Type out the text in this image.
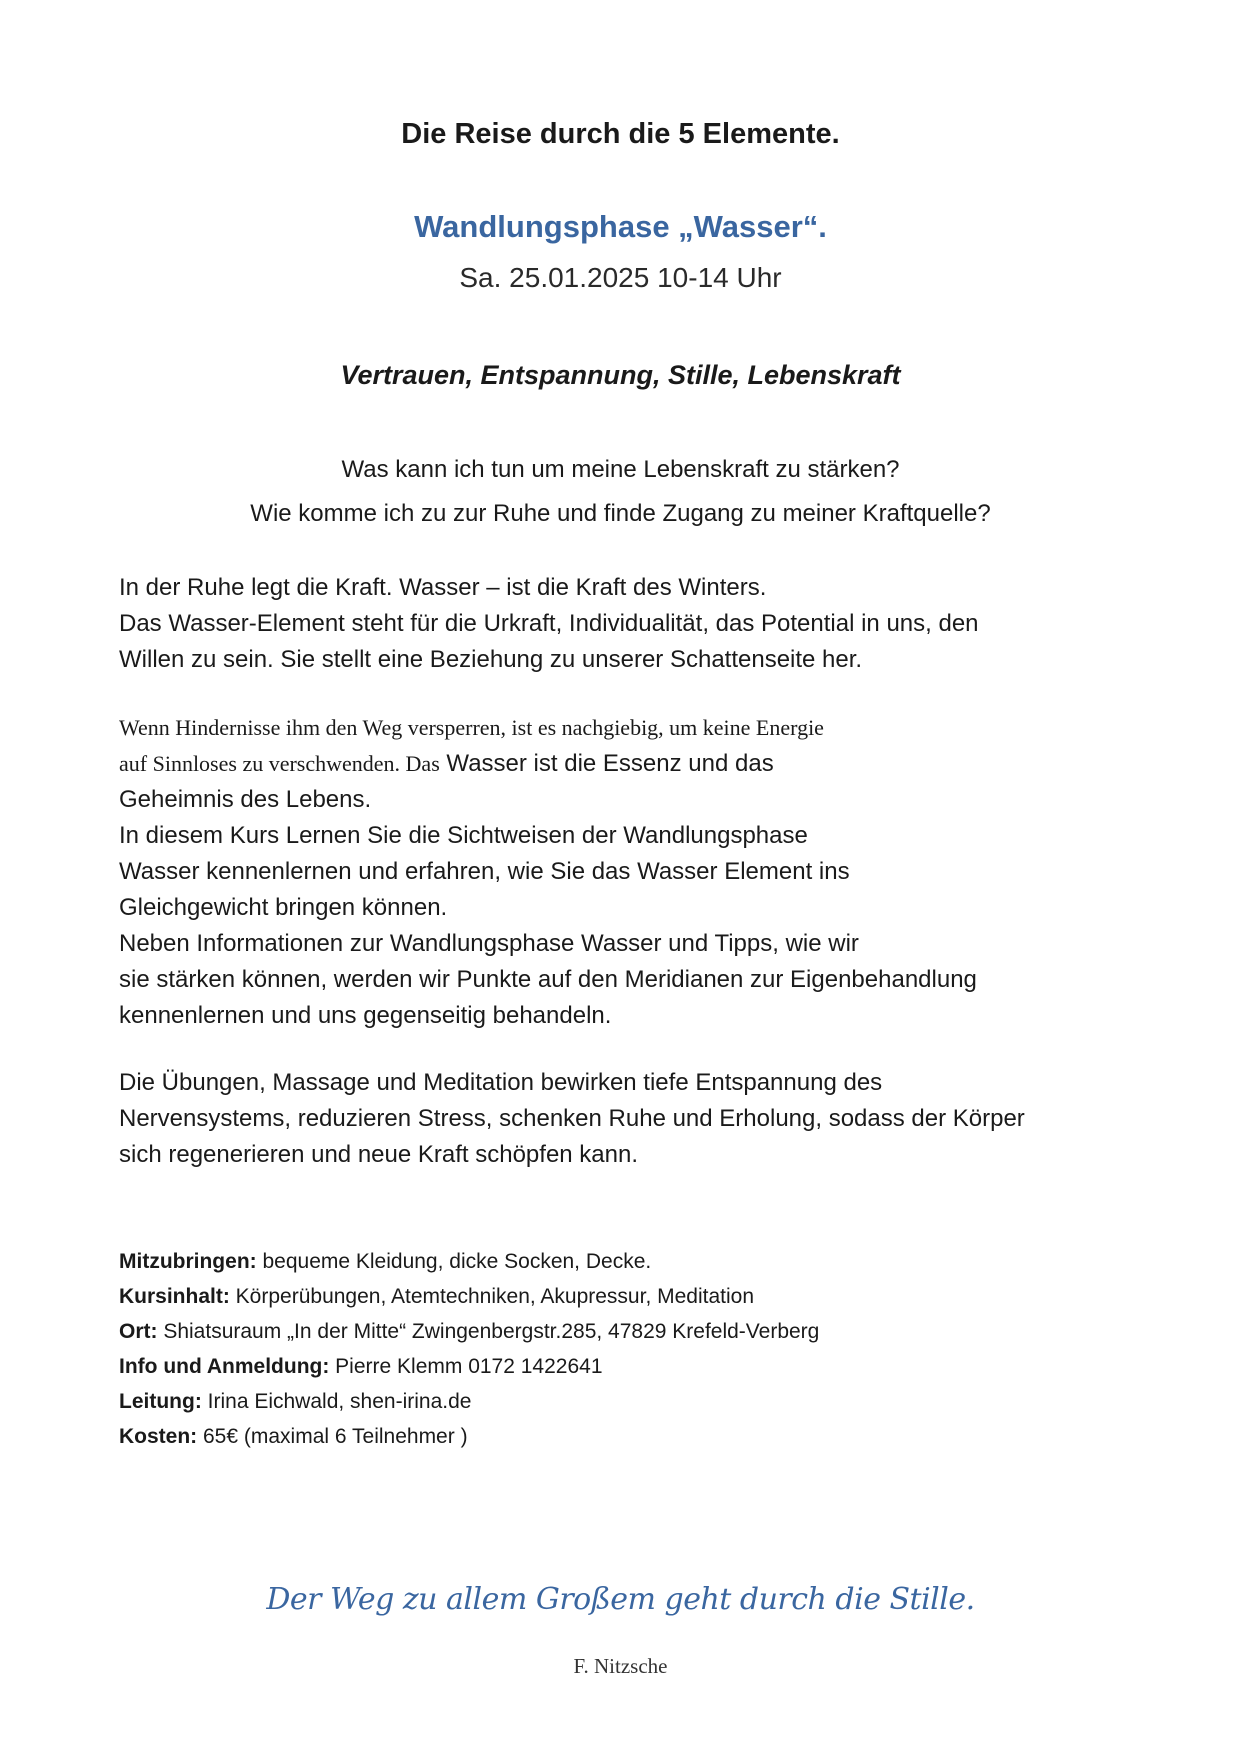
Die Reise durch die 5 Elemente.
Wandlungsphase „Wasser“.
Sa. 25.01.2025 10-14 Uhr
Vertrauen, Entspannung, Stille, Lebenskraft
Was kann ich tun um meine Lebenskraft zu stärken?
Wie komme ich zu zur Ruhe und finde Zugang zu meiner Kraftquelle?
In der Ruhe legt die Kraft. Wasser – ist die Kraft des Winters.
Das Wasser-Element steht für die Urkraft, Individualität, das Potential in uns, den
Willen zu sein. Sie stellt eine Beziehung zu unserer Schattenseite her.
Wenn Hindernisse ihm den Weg versperren, ist es nachgiebig, um keine Energie
auf Sinnloses zu verschwenden. Das Wasser ist die Essenz und das
Geheimnis des Lebens.
In diesem Kurs Lernen Sie die Sichtweisen der Wandlungsphase
Wasser kennenlernen und erfahren, wie Sie das Wasser Element ins
Gleichgewicht bringen können.
Neben Informationen zur Wandlungsphase Wasser und Tipps, wie wir
sie stärken können, werden wir Punkte auf den Meridianen zur Eigenbehandlung
kennenlernen und uns gegenseitig behandeln.
Die Übungen, Massage und Meditation bewirken tiefe Entspannung des
Nervensystems, reduzieren Stress, schenken Ruhe und Erholung, sodass der Körper
sich regenerieren und neue Kraft schöpfen kann.
Mitzubringen: bequeme Kleidung, dicke Socken, Decke.
Kursinhalt: Körperübungen, Atemtechniken, Akupressur, Meditation
Ort: Shiatsuraum „In der Mitte“ Zwingenbergstr.285, 47829 Krefeld-Verberg
Info und Anmeldung: Pierre Klemm 0172 1422641
Leitung: Irina Eichwald, shen-irina.de
Kosten: 65€ (maximal 6 Teilnehmer )
Der Weg zu allem Großem geht durch die Stille.
F. Nitzsche
